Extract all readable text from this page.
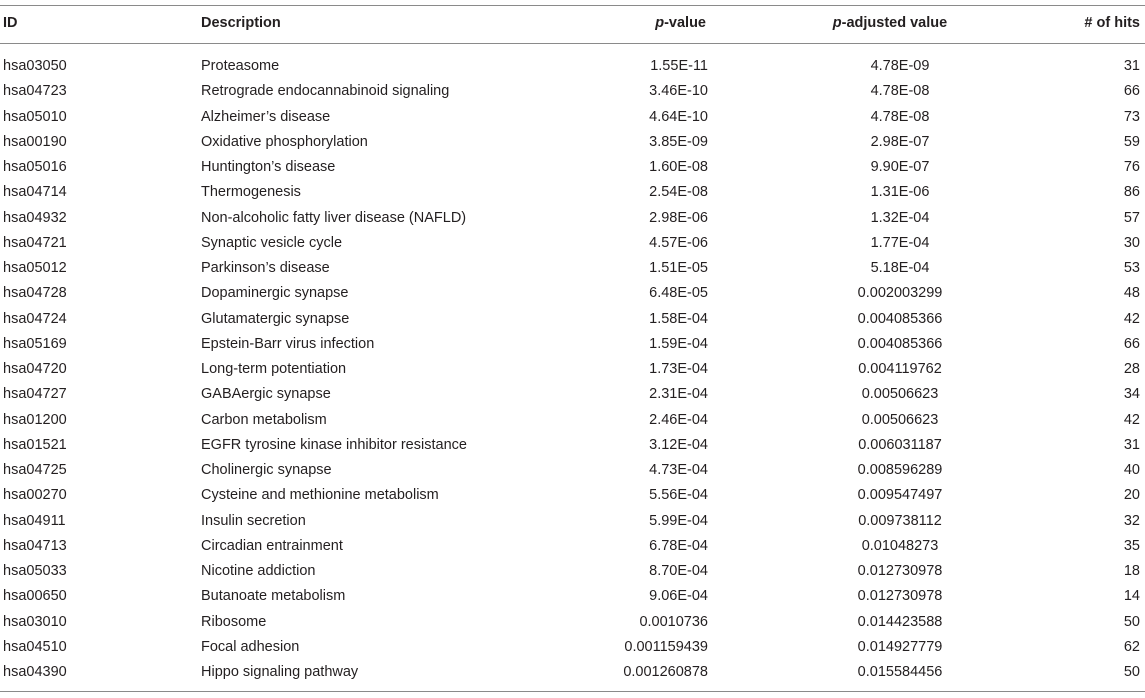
ID	Description	p-value	p-adjusted value	# of hits
hsa03050	Proteasome	1.55E-11	4.78E-09	31
hsa04723	Retrograde endocannabinoid signaling	3.46E-10	4.78E-08	66
hsa05010	Alzheimer’s disease	4.64E-10	4.78E-08	73
hsa00190	Oxidative phosphorylation	3.85E-09	2.98E-07	59
hsa05016	Huntington’s disease	1.60E-08	9.90E-07	76
hsa04714	Thermogenesis	2.54E-08	1.31E-06	86
hsa04932	Non-alcoholic fatty liver disease (NAFLD)	2.98E-06	1.32E-04	57
hsa04721	Synaptic vesicle cycle	4.57E-06	1.77E-04	30
hsa05012	Parkinson’s disease	1.51E-05	5.18E-04	53
hsa04728	Dopaminergic synapse	6.48E-05	0.002003299	48
hsa04724	Glutamatergic synapse	1.58E-04	0.004085366	42
hsa05169	Epstein-Barr virus infection	1.59E-04	0.004085366	66
hsa04720	Long-term potentiation	1.73E-04	0.004119762	28
hsa04727	GABAergic synapse	2.31E-04	0.00506623	34
hsa01200	Carbon metabolism	2.46E-04	0.00506623	42
hsa01521	EGFR tyrosine kinase inhibitor resistance	3.12E-04	0.006031187	31
hsa04725	Cholinergic synapse	4.73E-04	0.008596289	40
hsa00270	Cysteine and methionine metabolism	5.56E-04	0.009547497	20
hsa04911	Insulin secretion	5.99E-04	0.009738112	32
hsa04713	Circadian entrainment	6.78E-04	0.01048273	35
hsa05033	Nicotine addiction	8.70E-04	0.012730978	18
hsa00650	Butanoate metabolism	9.06E-04	0.012730978	14
hsa03010	Ribosome	0.0010736	0.014423588	50
hsa04510	Focal adhesion	0.001159439	0.014927779	62
hsa04390	Hippo signaling pathway	0.001260878	0.015584456	50
